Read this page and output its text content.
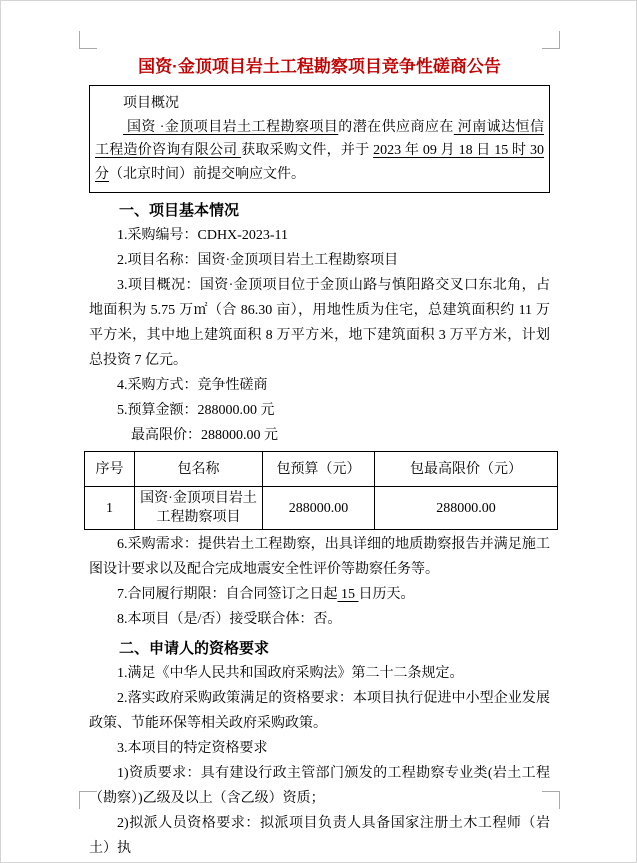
国资·金顶项目岩土工程勘察项目竞争性磋商公告

项目概况

国资 ·金顶项目岩土工程勘察项目的潜在供应商应在 河南诚达恒信工程造价咨询有限公司 获取采购文件，并于 2023 年 09 月 18 日 15 时 30 分（北京时间）前提交响应文件。

一、项目基本情况

1.采购编号：CDHX-2023-11

2.项目名称：国资·金顶项目岩土工程勘察项目

3.项目概况：国资·金顶项目位于金顶山路与慎阳路交叉口东北角，占地面积为 5.75 万㎡（合 86.30 亩），用地性质为住宅，总建筑面积约 11 万平方米，其中地上建筑面积 8 万平方米，地下建筑面积 3 万平方米，计划总投资 7 亿元。

4.采购方式：竞争性磋商

5.预算金额：288000.00 元

最高限价：288000.00 元

序号	包名称	包预算（元）	包最高限价（元）
1	国资·金顶项目岩土工程勘察项目	288000.00	288000.00

6.采购需求：提供岩土工程勘察，出具详细的地质勘察报告并满足施工图设计要求以及配合完成地震安全性评价等勘察任务等。

7.合同履行期限：自合同签订之日起 15 日历天。

8.本项目（是/否）接受联合体：否。

二、申请人的资格要求

1.满足《中华人民共和国政府采购法》第二十二条规定。

2.落实政府采购政策满足的资格要求：本项目执行促进中小型企业发展政策、节能环保等相关政府采购政策。

3.本项目的特定资格要求

1)资质要求：具有建设行政主管部门颁发的工程勘察专业类(岩土工程（勘察）)乙级及以上（含乙级）资质；

2)拟派人员资格要求：拟派项目负责人具备国家注册土木工程师（岩土）执
